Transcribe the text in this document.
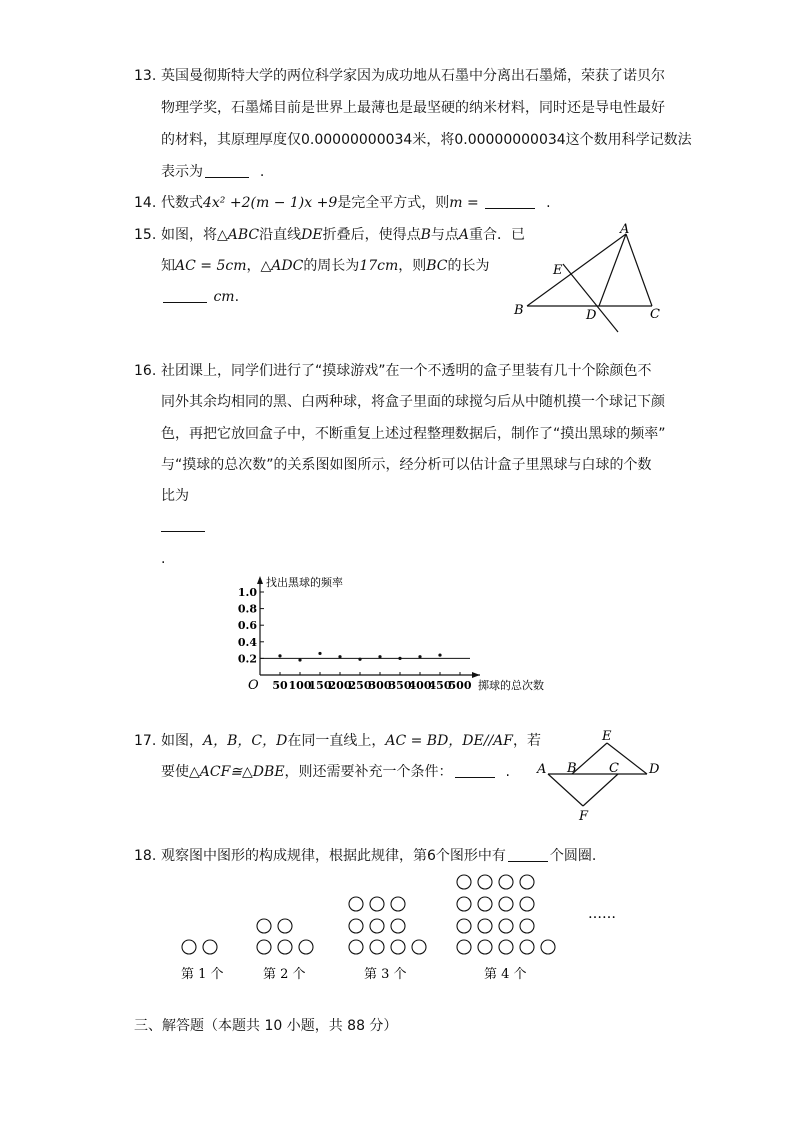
13. 英国曼彻斯特大学的两位科学家因为成功地从石墨中分离出石墨烯，荣获了诺贝尔
物理学奖，石墨烯目前是世界上最薄也是最坚硬的纳米材料，同时还是导电性最好
的材料，其原理厚度仅0.00000000034米，将0.00000000034这个数用科学记数法
表示为	.
14. 代数式4x² +2(m − 1)x +9是完全平方式，则m =	.
15. 如图，将△ABC沿直线DE折叠后，使得点B与点A重合．已
知AC = 5cm，△ADC的周长为17cm，则BC的长为
cm.
A
B	C
D
E
16. 社团课上，同学们进行了“摸球游戏”在一个不透明的盒子里装有几十个除颜色不
同外其余均相同的黑、白两种球，将盒子里面的球搅匀后从中随机摸一个球记下颜
色，再把它放回盒子中，不断重复上述过程整理数据后，制作了“摸出黑球的频率”
与“摸球的总次数”的关系图如图所示，经分析可以估计盒子里黑球与白球的个数
比为
.
0.2
0.4
0.6
0.8
1.0
50 100
150
200
250
300
350
400
450
500
O
找出黑球的频率
掷球的总次数
17. 如图，A，B，C，D在同一直线上，AC = BD，DE//AF，若
要使△ACF≅△DBE，则还需要补充一个条件：	.
E
A B C D
F
18. 观察图中图形的构成规律，根据此规律，第6个图形中有	个圆圈.
……
第 1 个	第 2 个	第 3 个	第 4 个
三、解答题（本题共 10 小题，共 88 分）
